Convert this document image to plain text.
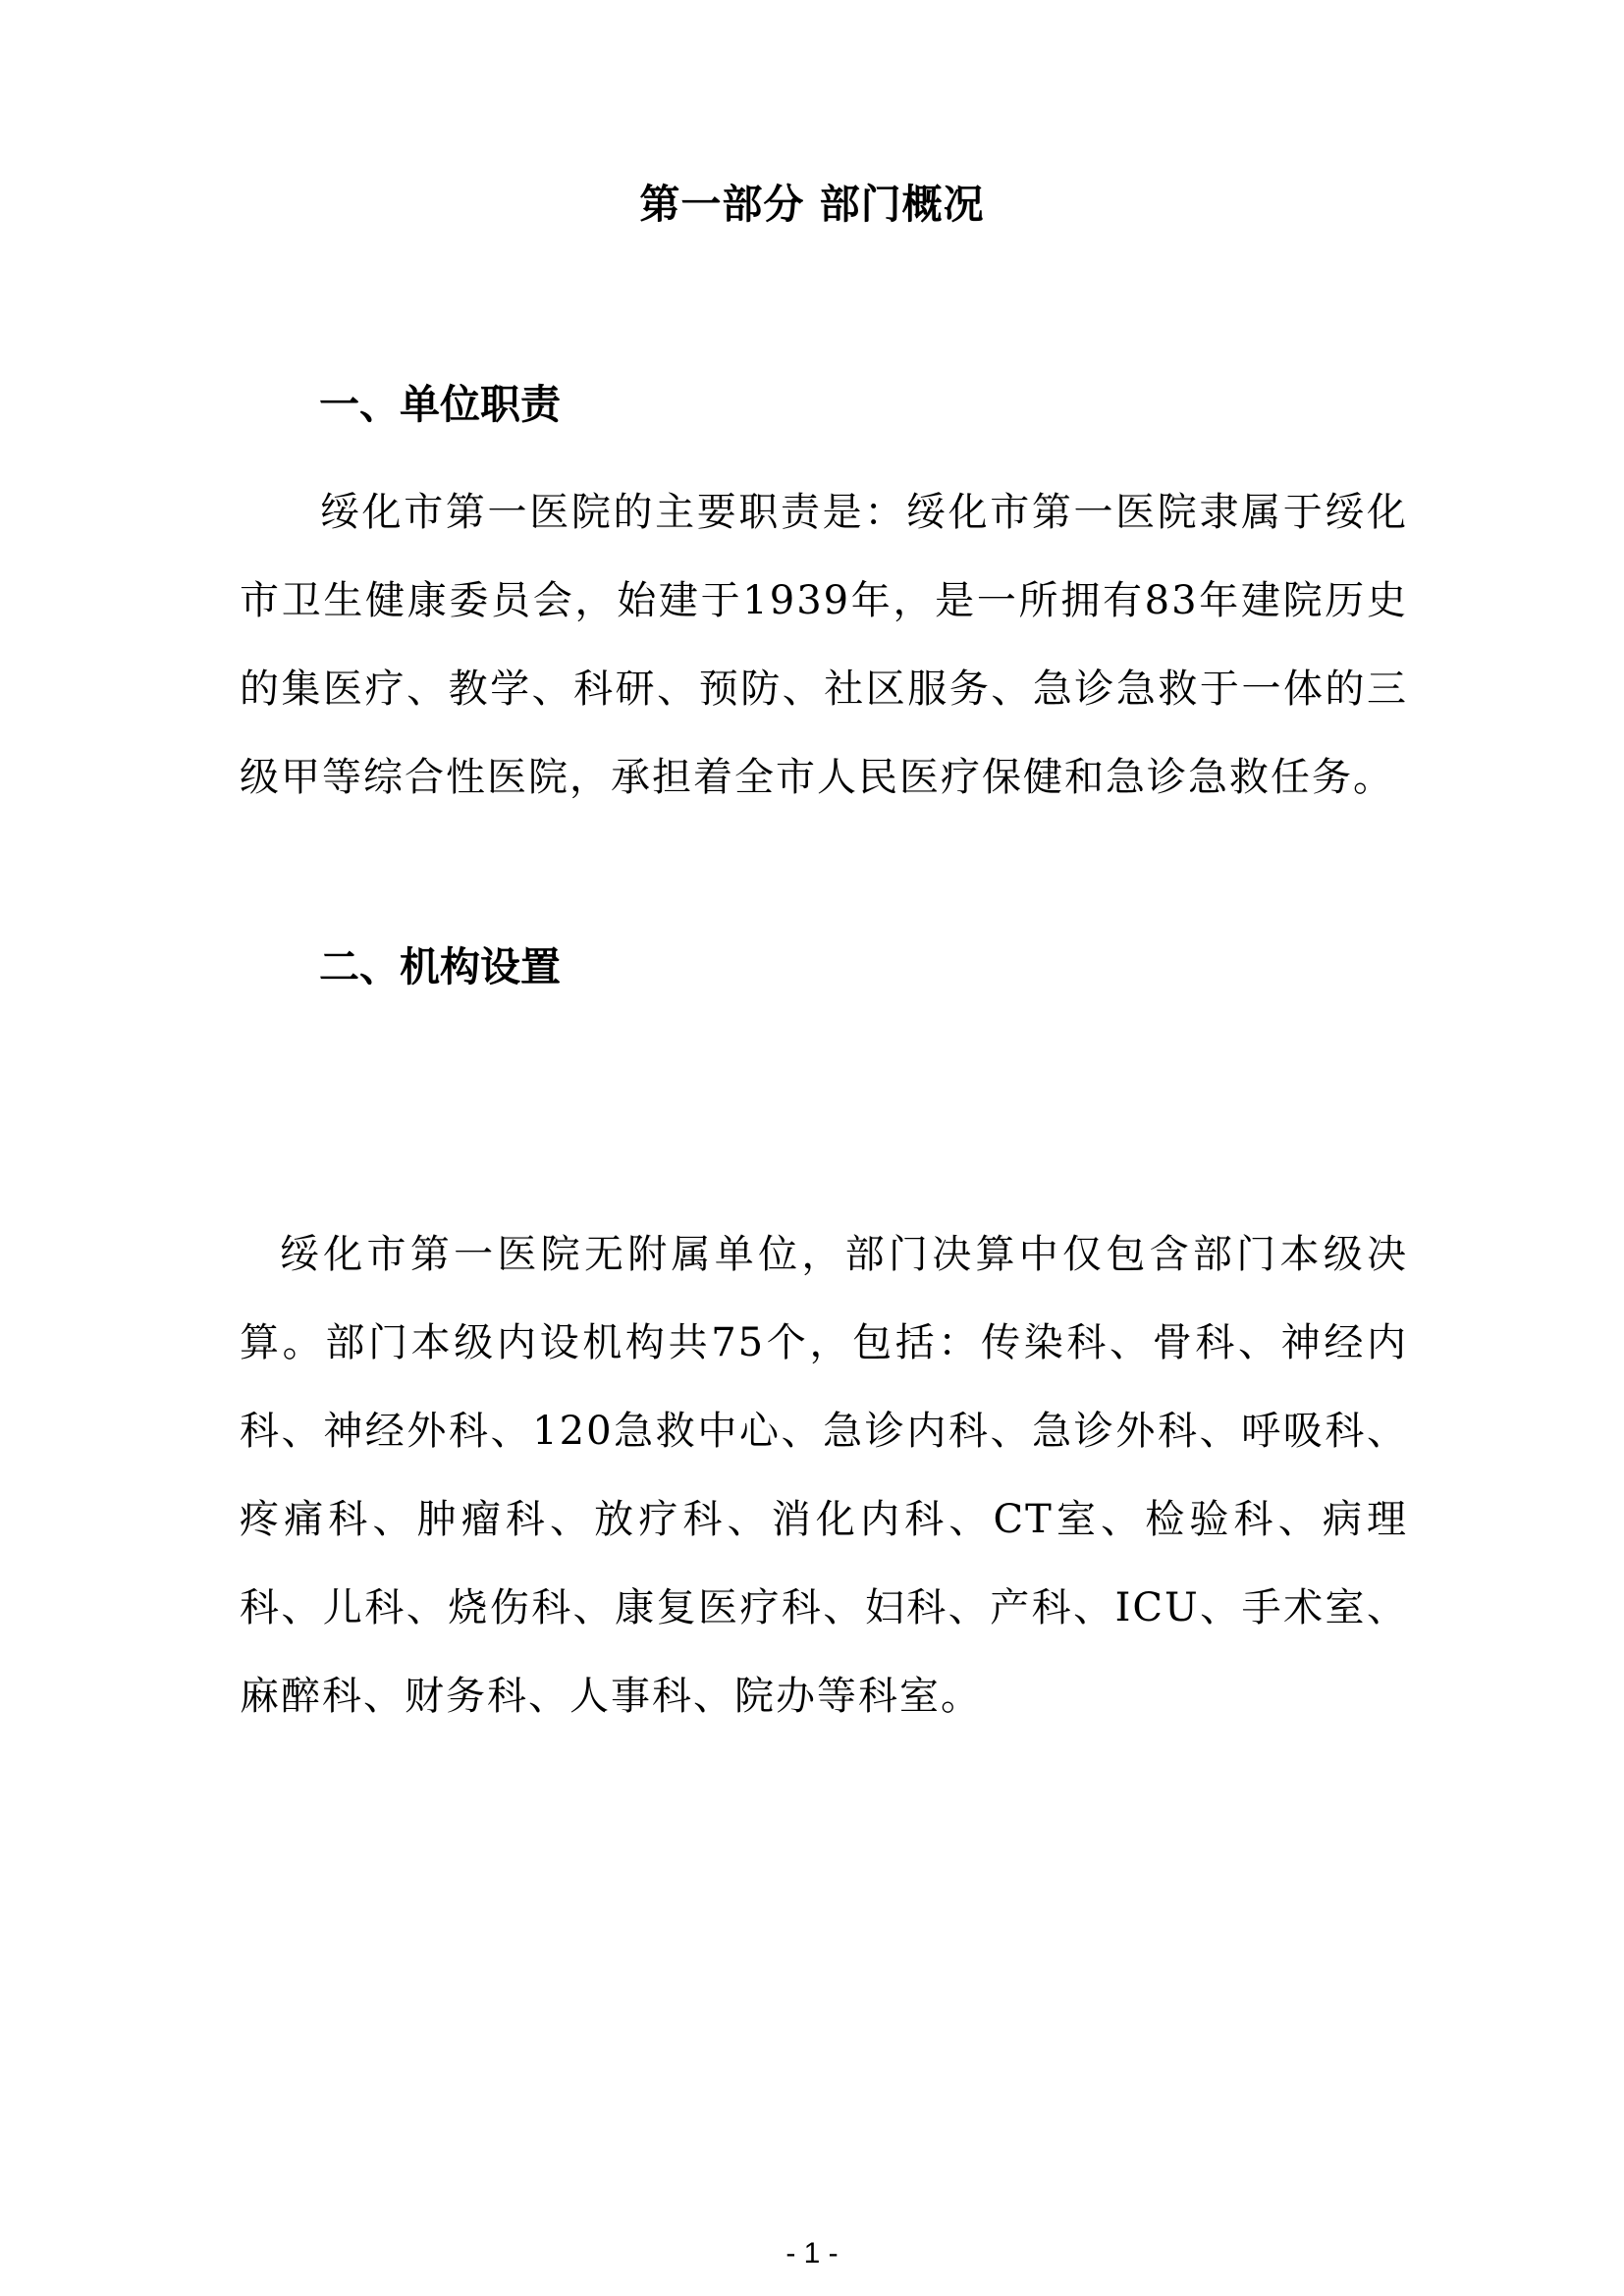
第一部分 部门概况
一、单位职责
绥化市第一医院的主要职责是：绥化市第一医院隶属于绥化市卫生健康委员会，始建于1939年，是一所拥有83年建院历史的集医疗、教学、科研、预防、社区服务、急诊急救于一体的三级甲等综合性医院，承担着全市人民医疗保健和急诊急救任务。
二、机构设置
绥化市第一医院无附属单位，部门决算中仅包含部门本级决算。部门本级内设机构共75个，包括：传染科、骨科、神经内科、神经外科、120急救中心、急诊内科、急诊外科、呼吸科、疼痛科、肿瘤科、放疗科、消化内科、CT室、检验科、病理科、儿科、烧伤科、康复医疗科、妇科、产科、ICU、手术室、麻醉科、财务科、人事科、院办等科室。
- 1 -
